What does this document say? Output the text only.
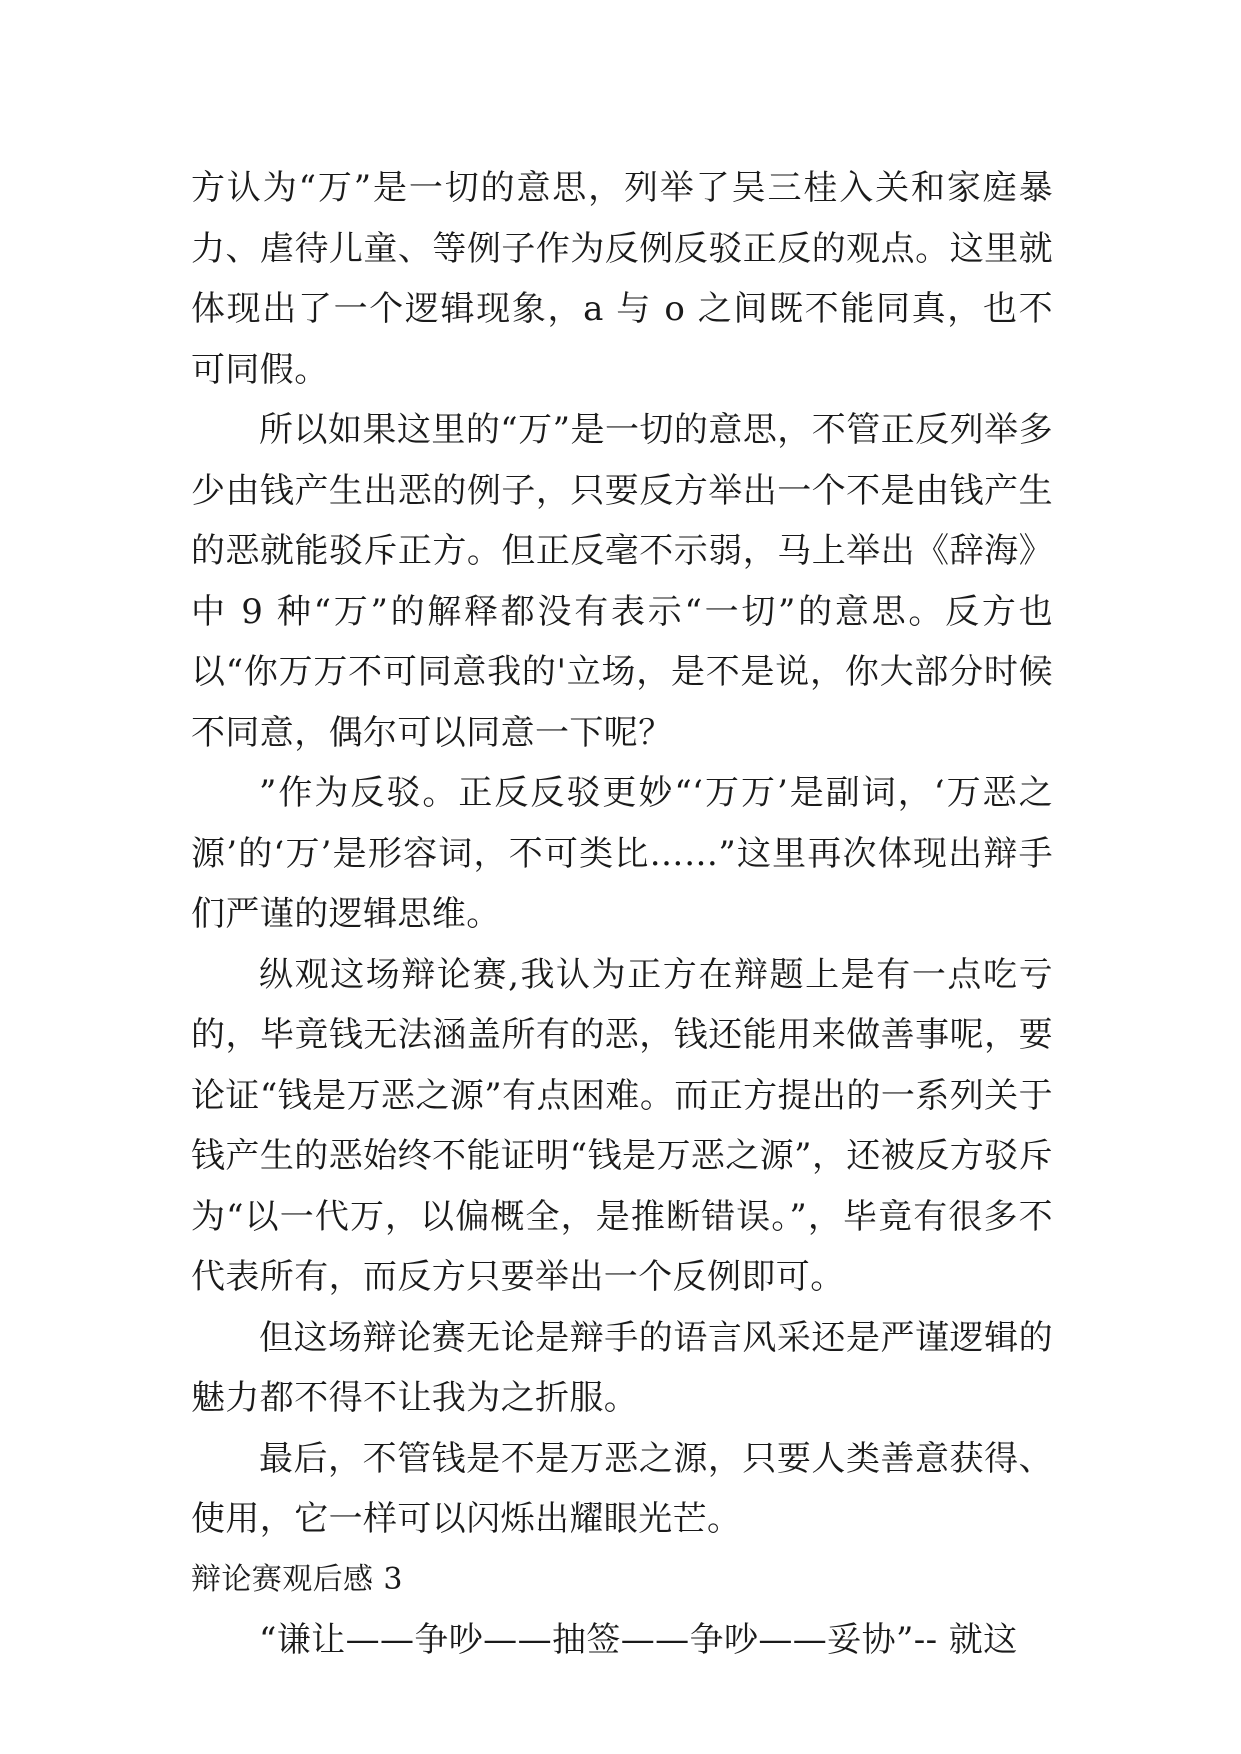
方认为“万”是一切的意思，列举了吴三桂入关和家庭暴力、虐待儿童、等例子作为反例反驳正反的观点。这里就体现出了一个逻辑现象，a 与 o 之间既不能同真，也不可同假。

所以如果这里的“万”是一切的意思，不管正反列举多少由钱产生出恶的例子，只要反方举出一个不是由钱产生的恶就能驳斥正方。但正反毫不示弱，马上举出《辞海》中 9 种“万”的解释都没有表示“一切”的意思。反方也以“你万万不可同意我的'立场，是不是说，你大部分时候不同意，偶尔可以同意一下呢？

”作为反驳。正反反驳更妙“‘万万’是副词，‘万恶之源’的‘万’是形容词，不可类比……”这里再次体现出辩手们严谨的逻辑思维。

纵观这场辩论赛,我认为正方在辩题上是有一点吃亏的，毕竟钱无法涵盖所有的恶，钱还能用来做善事呢，要论证“钱是万恶之源”有点困难。而正方提出的一系列关于钱产生的恶始终不能证明“钱是万恶之源”，还被反方驳斥为“以一代万，以偏概全，是推断错误。”，毕竟有很多不代表所有，而反方只要举出一个反例即可。

但这场辩论赛无论是辩手的语言风采还是严谨逻辑的魅力都不得不让我为之折服。

最后，不管钱是不是万恶之源，只要人类善意获得、使用，它一样可以闪烁出耀眼光芒。

辩论赛观后感 3

“谦让——争吵——抽签——争吵——妥协”-- 就这
